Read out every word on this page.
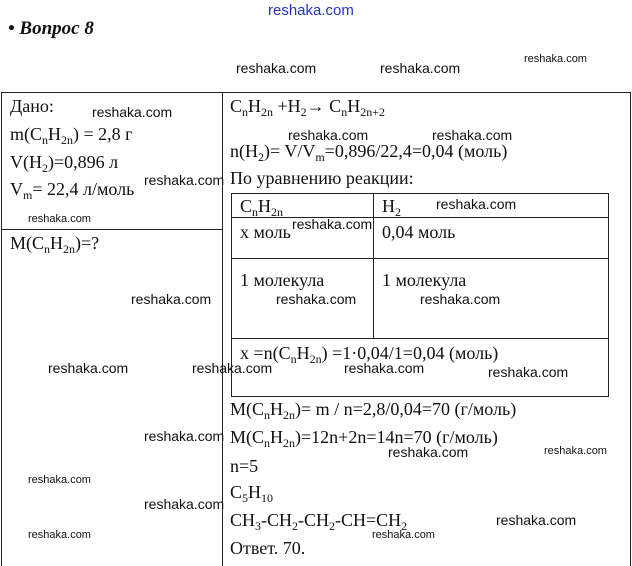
reshaka.com
• Вопрос 8
reshaka.com	reshaka.com
reshaka.com
Дано:
$m(C_nH_{2n}) = 2,8$ г
$V(H_2)=0,896$ л
$V_m= 22,4$ л/моль
$M(C_nH_{2n})=$?
$C_nH_{2n} +H_2\to C_nH_{2n+2}$
$n(H_2)= V/V_m=0,896/22,4=0,04$ (моль)
По уравнению реакции:
$C_nH_{2n}$	$H_2$
x моль	0,04 моль
1 молекула	1 молекула
$x =n(C_nH_{2n}) =1\cdot 0,04/1=0,04$ (моль)
$M(C_nH_{2n})= m / n=2,8/0,04=70$ (г/моль)
$M(C_nH_{2n})=12n+2n=14n=70$ (г/моль)
n=5
$C_5H_{10}$
$CH_3-CH_2-CH_2-CH=CH_2$
Ответ. 70.
reshaka.com
reshaka.com	reshaka.com
reshaka.com
reshaka.com
reshaka.com	reshaka.com
reshaka.com	reshaka.com	reshaka.com
reshaka.com	reshaka.com	reshaka.com	reshaka.com
reshaka.com
reshaka.com	reshaka.com
reshaka.com
reshaka.com
reshaka.com
reshaka.com	reshaka.com
